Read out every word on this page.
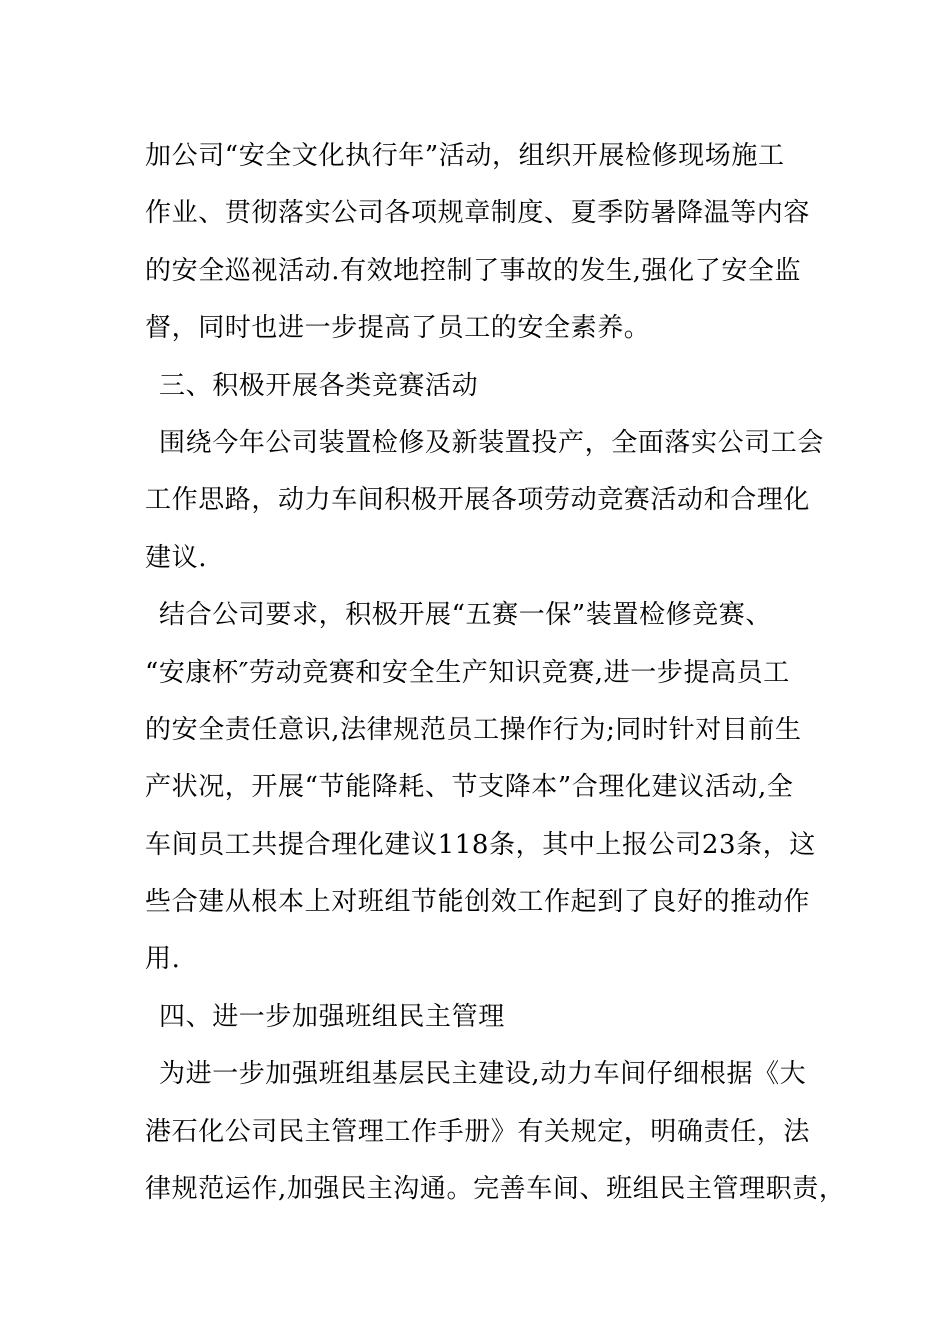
加公司“安全文化执行年”活动，组织开展检修现场施工
作业、贯彻落实公司各项规章制度、夏季防暑降温等内容
的安全巡视活动.有效地控制了事故的发生,强化了安全监
督，同时也进一步提高了员工的安全素养。
三、积极开展各类竞赛活动
围绕今年公司装置检修及新装置投产，全面落实公司工会
工作思路，动力车间积极开展各项劳动竞赛活动和合理化
建议.
结合公司要求，积极开展“五赛一保”装置检修竞赛、
“安康杯″劳动竞赛和安全生产知识竞赛,进一步提高员工
的安全责任意识,法律规范员工操作行为;同时针对目前生
产状况，开展“节能降耗、节支降本”合理化建议活动,全
车间员工共提合理化建议118条，其中上报公司23条，这
些合建从根本上对班组节能创效工作起到了良好的推动作
用.
四、进一步加强班组民主管理
为进一步加强班组基层民主建设,动力车间仔细根据《大
港石化公司民主管理工作手册》有关规定，明确责任，法
律规范运作,加强民主沟通。完善车间、班组民主管理职责，
